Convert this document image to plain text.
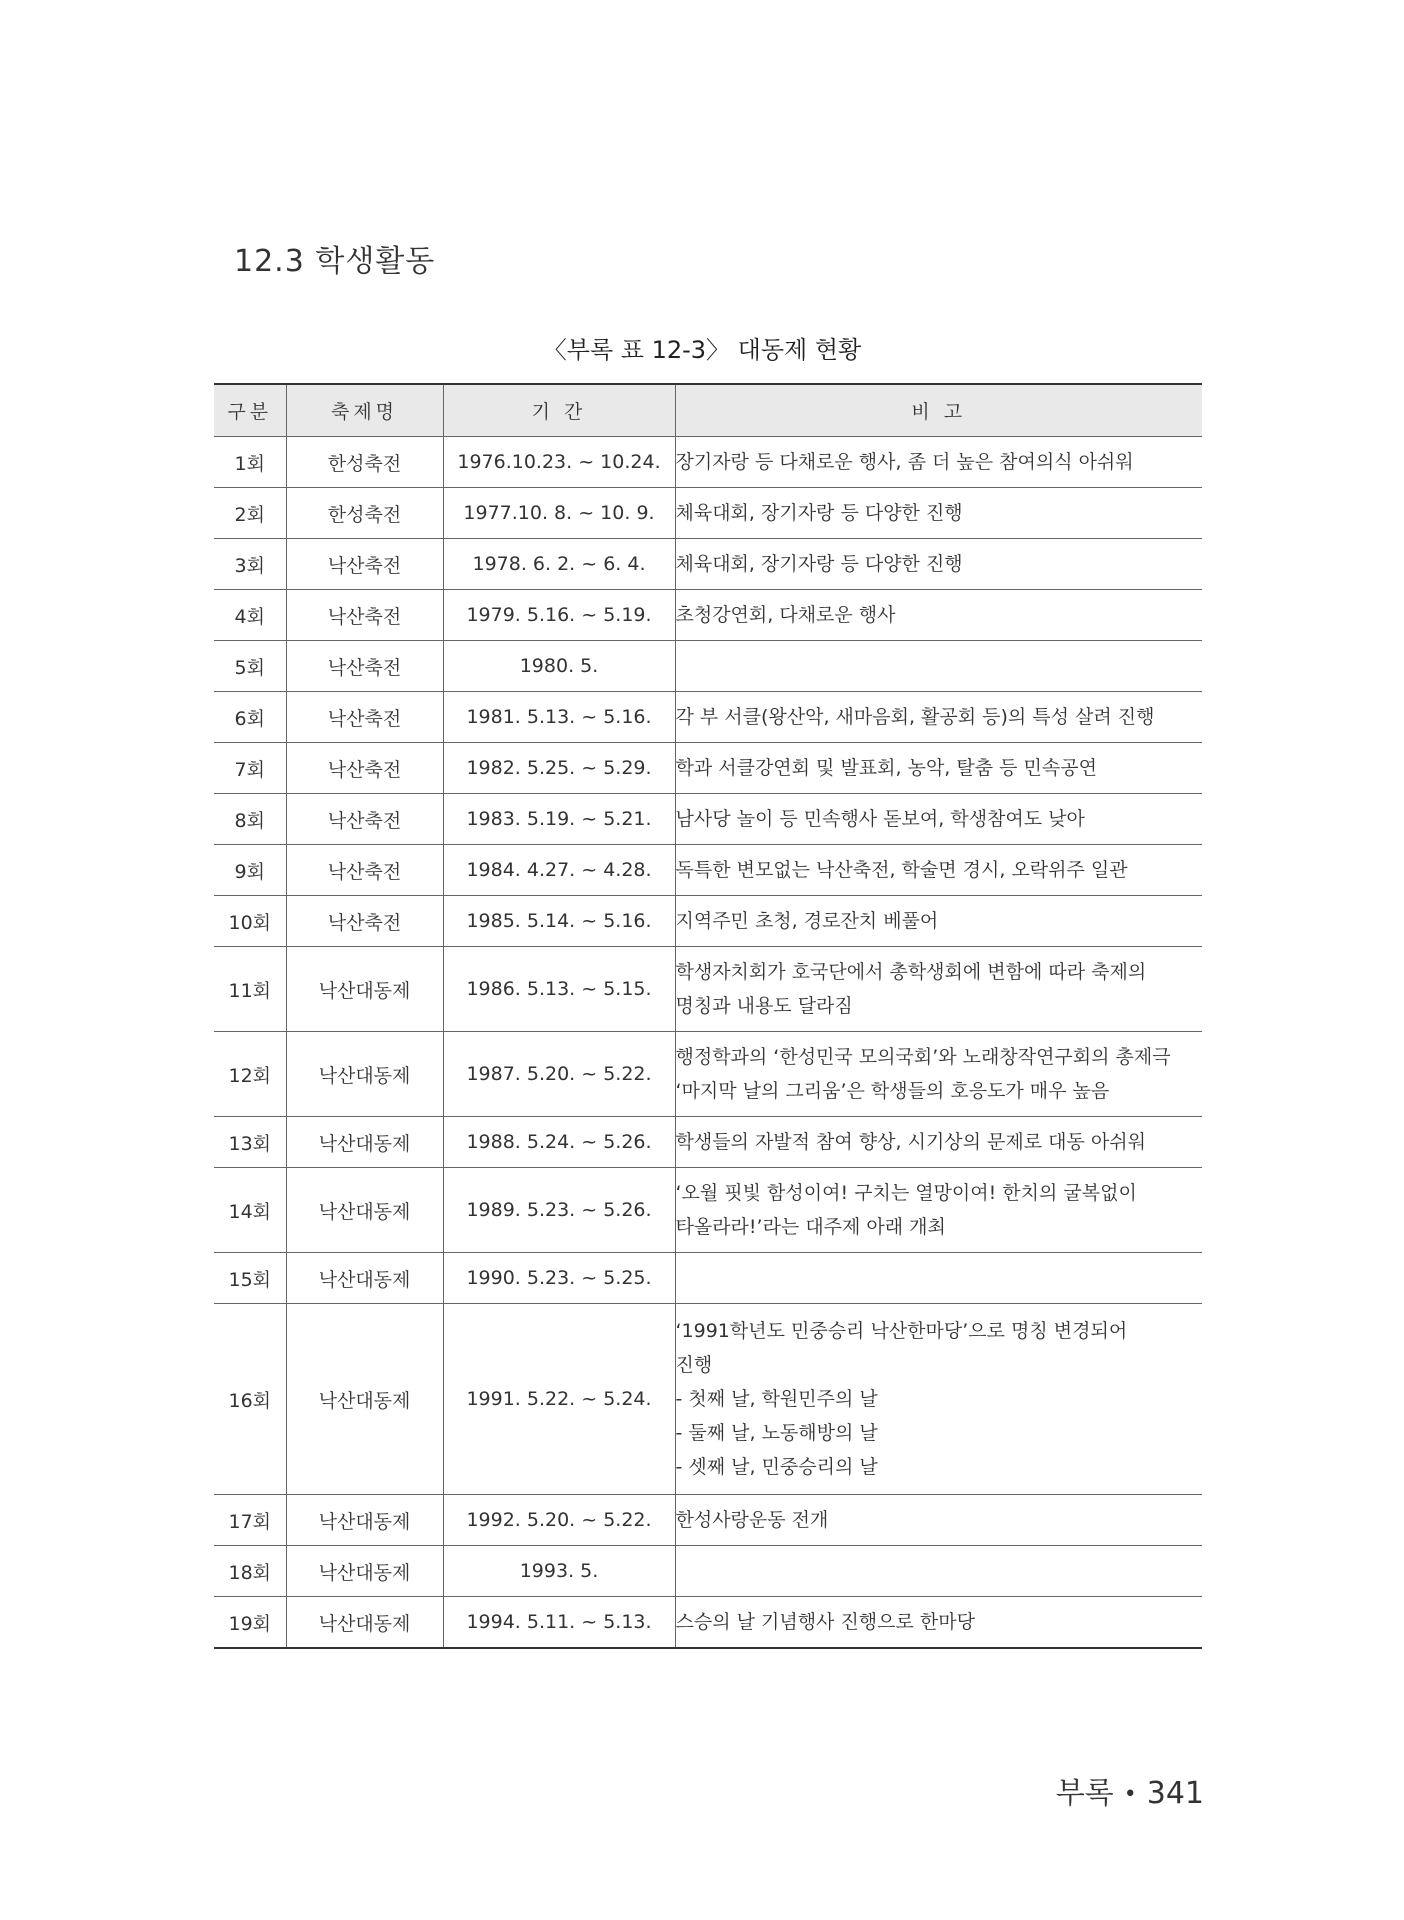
12.3 학생활동
〈부록 표 12-3〉 대동제 현황
구분	축제명	기 간	비 고
1회	한성축전	1976.10.23. ~ 10.24.	장기자랑 등 다채로운 행사, 좀 더 높은 참여의식 아쉬워

2회	한성축전	1977.10. 8. ~ 10. 9.	체육대회, 장기자랑 등 다양한 진행

3회	낙산축전	1978. 6. 2. ~ 6. 4.	체육대회, 장기자랑 등 다양한 진행

4회	낙산축전	1979. 5.16. ~ 5.19.	초청강연회, 다채로운 행사

5회	낙산축전	1980. 5.	

6회	낙산축전	1981. 5.13. ~ 5.16.	각 부 서클(왕산악, 새마음회, 활공회 등)의 특성 살려 진행

7회	낙산축전	1982. 5.25. ~ 5.29.	학과 서클강연회 및 발표회, 농악, 탈춤 등 민속공연

8회	낙산축전	1983. 5.19. ~ 5.21.	남사당 놀이 등 민속행사 돋보여, 학생참여도 낮아

9회	낙산축전	1984. 4.27. ~ 4.28.	독특한 변모없는 낙산축전, 학술면 경시, 오락위주 일관

10회	낙산축전	1985. 5.14. ~ 5.16.	지역주민 초청, 경로잔치 베풀어

11회	낙산대동제	1986. 5.13. ~ 5.15.	학생자치회가 호국단에서 총학생회에 변함에 따라 축제의
명칭과 내용도 달라짐

12회	낙산대동제	1987. 5.20. ~ 5.22.	행정학과의 ‘한성민국 모의국회’와 노래창작연구회의 총제극
‘마지막 날의 그리움’은 학생들의 호응도가 매우 높음

13회	낙산대동제	1988. 5.24. ~ 5.26.	학생들의 자발적 참여 향상, 시기상의 문제로 대동 아쉬워

14회	낙산대동제	1989. 5.23. ~ 5.26.	‘오월 핏빛 함성이여! 구치는 열망이여! 한치의 굴복없이
타올라라!’라는 대주제 아래 개최

15회	낙산대동제	1990. 5.23. ~ 5.25.	

16회	낙산대동제	1991. 5.22. ~ 5.24.	‘1991학년도 민중승리 낙산한마당’으로 명칭 변경되어
진행
- 첫째 날, 학원민주의 날
- 둘째 날, 노동해방의 날
- 셋째 날, 민중승리의 날

17회	낙산대동제	1992. 5.20. ~ 5.22.	한성사랑운동 전개

18회	낙산대동제	1993. 5.	

19회	낙산대동제	1994. 5.11. ~ 5.13.	스승의 날 기념행사 진행으로 한마당
부록 • 341
